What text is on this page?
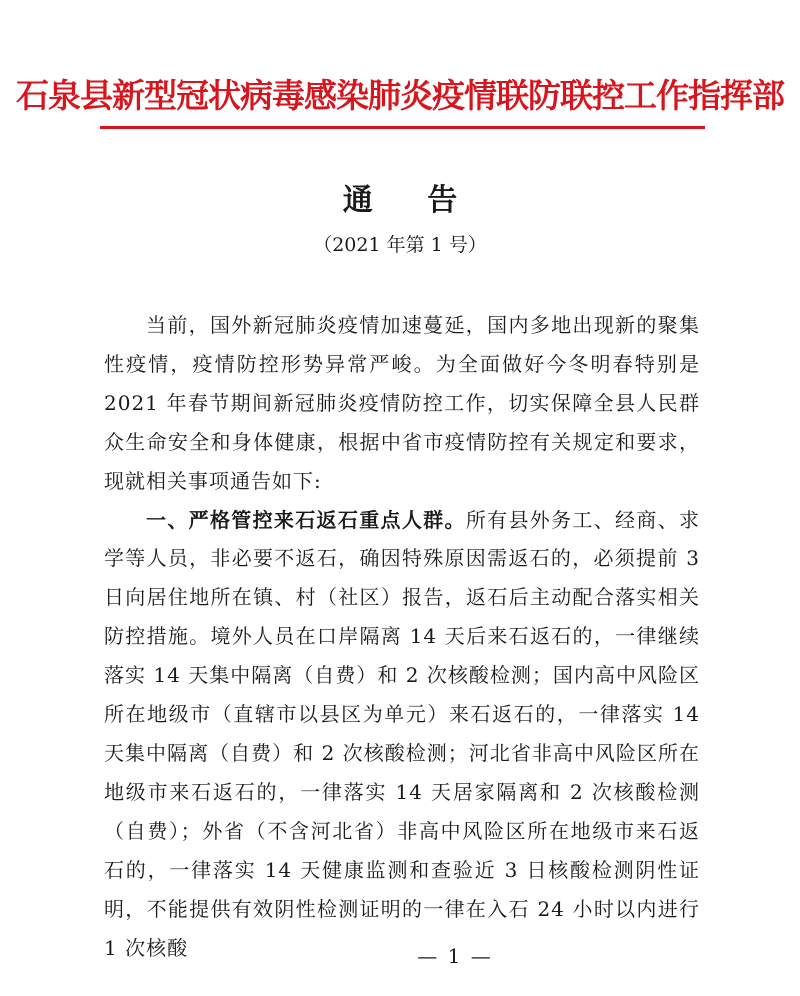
石泉县新型冠状病毒感染肺炎疫情联防联控工作指挥部
通 告
（2021 年第 1 号）

当前，国外新冠肺炎疫情加速蔓延，国内多地出现新的聚集性疫情，疫情防控形势异常严峻。为全面做好今冬明春特别是 2021 年春节期间新冠肺炎疫情防控工作，切实保障全县人民群众生命安全和身体健康，根据中省市疫情防控有关规定和要求，现就相关事项通告如下:

一、严格管控来石返石重点人群。所有县外务工、经商、求学等人员，非必要不返石，确因特殊原因需返石的，必须提前 3 日向居住地所在镇、村（社区）报告，返石后主动配合落实相关防控措施。境外人员在口岸隔离 14 天后来石返石的，一律继续落实 14 天集中隔离（自费）和 2 次核酸检测；国内高中风险区所在地级市（直辖市以县区为单元）来石返石的，一律落实 14 天集中隔离（自费）和 2 次核酸检测；河北省非高中风险区所在地级市来石返石的，一律落实 14 天居家隔离和 2 次核酸检测（自费）；外省（不含河北省）非高中风险区所在地级市来石返石的，一律落实 14 天健康监测和查验近 3 日核酸检测阴性证明，不能提供有效阴性检测证明的一律在入石 24 小时以内进行 1 次核酸	— 1 —
